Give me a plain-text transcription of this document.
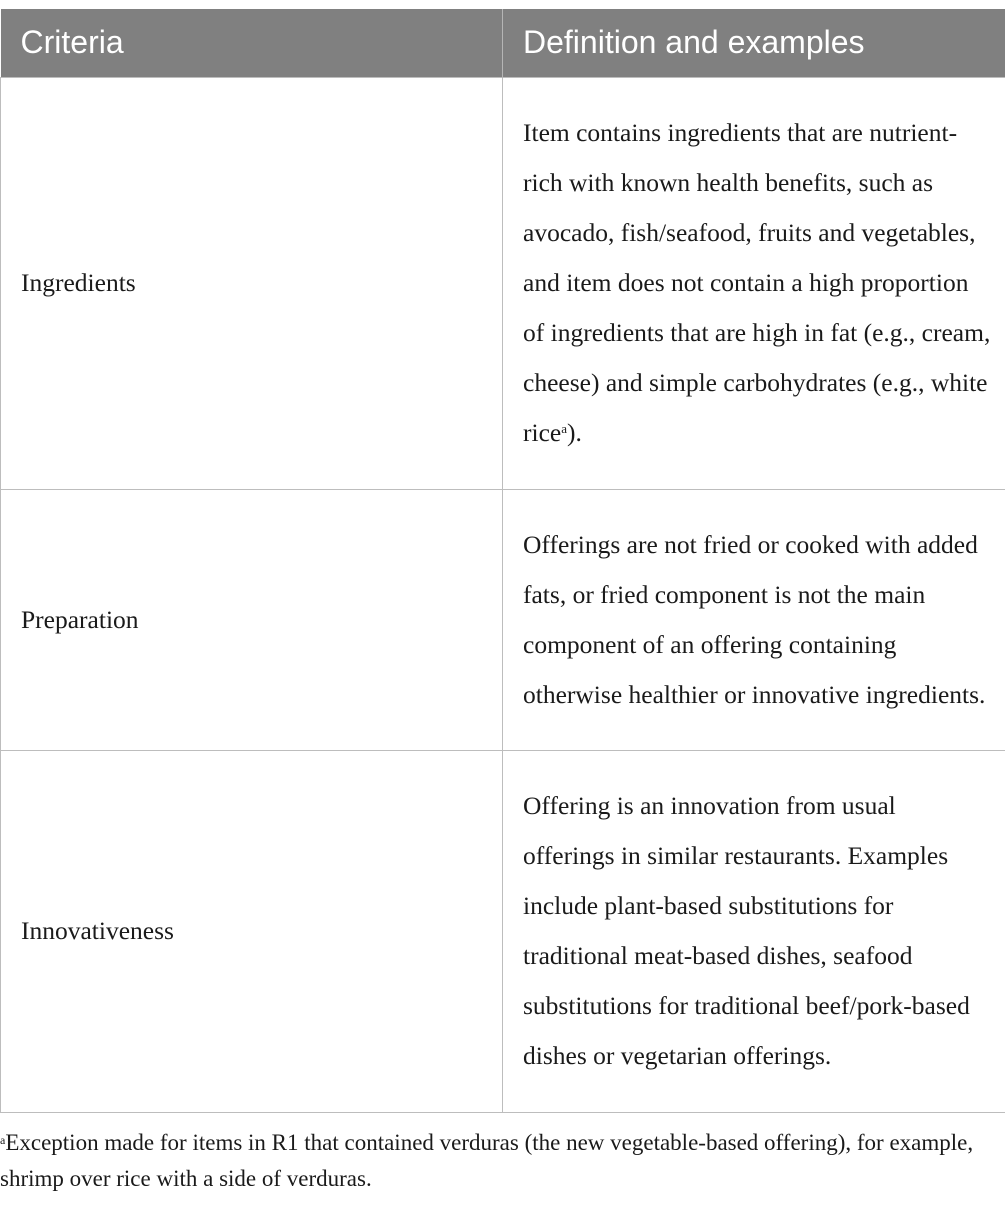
Criteria	Definition and examples
Ingredients	Item contains ingredients that are nutrient-rich with known health benefits, such as avocado, fish/seafood, fruits and vegetables, and item does not contain a high proportion of ingredients that are high in fat (e.g., cream, cheese) and simple carbohydrates (e.g., white rice$^a$).
Preparation	Offerings are not fried or cooked with added fats, or fried component is not the main component of an offering containing otherwise healthier or innovative ingredients.
Innovativeness	Offering is an innovation from usual offerings in similar restaurants. Examples include plant-based substitutions for traditional meat-based dishes, seafood substitutions for traditional beef/pork-based dishes or vegetarian offerings.
$^a$Exception made for items in R1 that contained verduras (the new vegetable-based offering), for example, shrimp over rice with a side of verduras.
